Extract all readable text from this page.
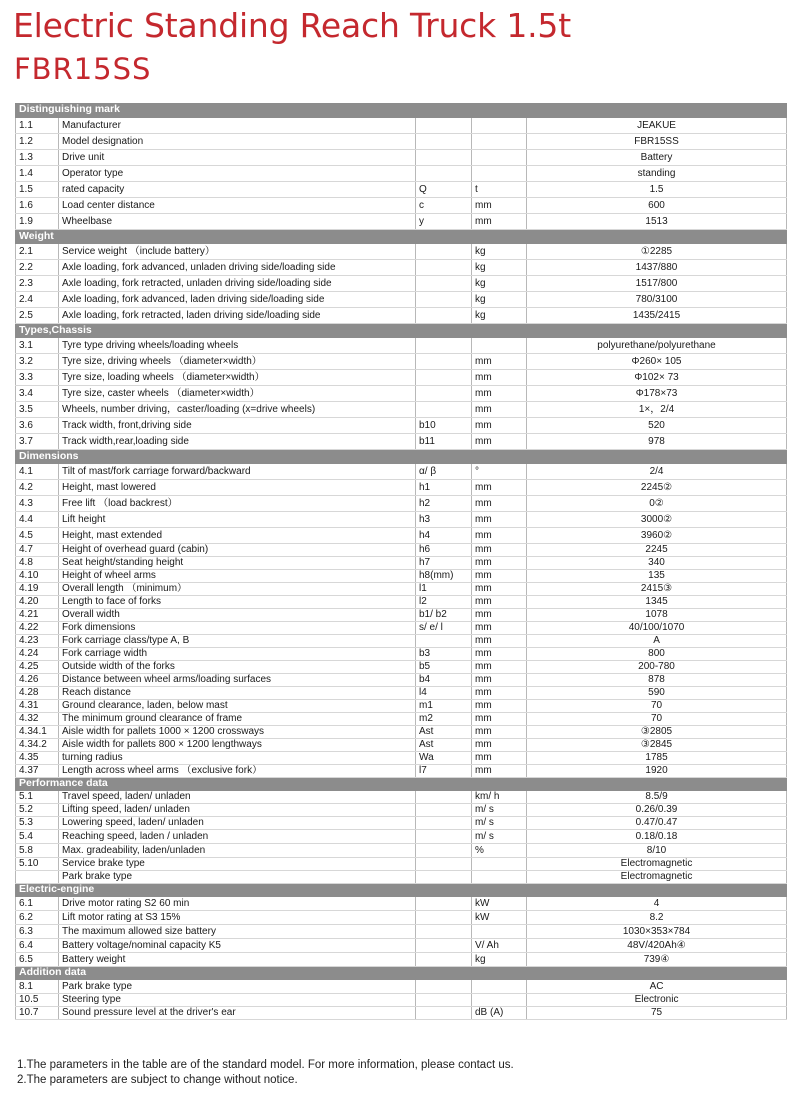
Electric Standing Reach Truck 1.5t
FBR15SS
Distinguishing mark				
1.1	Manufacturer			JEAKUE
1.2	Model designation			FBR15SS
1.3	Drive unit			Battery
1.4	Operator type			standing
1.5	rated capacity	Q	t	1.5
1.6	Load center distance	c	mm	600
1.9	Wheelbase	y	mm	1513
Weight				
2.1	Service weight （include battery）		kg	①2285
2.2	Axle loading, fork advanced, unladen driving side/loading side		kg	1437/880
2.3	Axle loading, fork retracted, unladen driving side/loading side		kg	1517/800
2.4	Axle loading, fork advanced, laden driving side/loading side		kg	780/3100
2.5	Axle loading, fork retracted, laden driving side/loading side		kg	1435/2415
Types,Chassis				
3.1	Tyre type driving wheels/loading wheels			polyurethane/polyurethane
3.2	Tyre size, driving wheels （diameter×width）		mm	Φ260× 105
3.3	Tyre size, loading wheels （diameter×width）		mm	Φ102× 73
3.4	Tyre size, caster wheels （diameter×width）		mm	Φ178×73
3.5	Wheels, number driving，caster/loading (x=drive wheels)		mm	1×，2/4
3.6	Track width, front,driving side	b10	mm	520
3.7	Track width,rear,loading side	b11	mm	978
Dimensions				
4.1	Tilt of mast/fork carriage forward/backward	α/ β	°	2/4
4.2	Height, mast lowered	h1	mm	2245②
4.3	Free lift （load backrest）	h2	mm	0②
4.4	Lift height	h3	mm	3000②
4.5	Height, mast extended	h4	mm	3960②
4.7	Height of overhead guard (cabin)	h6	mm	2245
4.8	Seat height/standing height	h7	mm	340
4.10	Height of wheel arms	h8(mm)	mm	135
4.19	Overall length （minimum）	l1	mm	2415③
4.20	Length to face of forks	l2	mm	1345
4.21	Overall width	b1/ b2	mm	1078
4.22	Fork dimensions	s/ e/ l	mm	40/100/1070
4.23	Fork carriage class/type A, B		mm	A
4.24	Fork carriage width	b3	mm	800
4.25	Outside width of the forks	b5	mm	200-780
4.26	Distance between wheel arms/loading surfaces	b4	mm	878
4.28	Reach distance	l4	mm	590
4.31	Ground clearance, laden, below mast	m1	mm	70
4.32	The minimum ground clearance of frame	m2	mm	70
4.34.1	Aisle width for pallets 1000 × 1200 crossways	Ast	mm	③2805
4.34.2	Aisle width for pallets 800 × 1200 lengthways	Ast	mm	③2845
4.35	turning radius	Wa	mm	1785
4.37	Length across wheel arms （exclusive fork）	l7	mm	1920
Performance data				
5.1	Travel speed, laden/ unladen		km/ h	8.5/9
5.2	Lifting speed, laden/ unladen		m/ s	0.26/0.39
5.3	Lowering speed, laden/ unladen		m/ s	0.47/0.47
5.4	Reaching speed, laden / unladen		m/ s	0.18/0.18
5.8	Max. gradeability, laden/unladen		%	8/10
5.10	Service brake type			Electromagnetic
	Park brake type			Electromagnetic
Electric-engine				
6.1	Drive motor rating S2 60 min		kW	4
6.2	Lift motor rating at S3 15%		kW	8.2
6.3	The maximum allowed size battery			1030×353×784
6.4	Battery voltage/nominal capacity K5		V/ Ah	48V/420Ah④
6.5	Battery weight		kg	739④
Addition data				
8.1	Park brake type			AC
10.5	Steering type			Electronic
10.7	Sound pressure level at the driver's ear		dB (A)	75
1.The parameters in the table are of the standard model. For more information, please contact us.
2.The parameters are subject to change without notice.
